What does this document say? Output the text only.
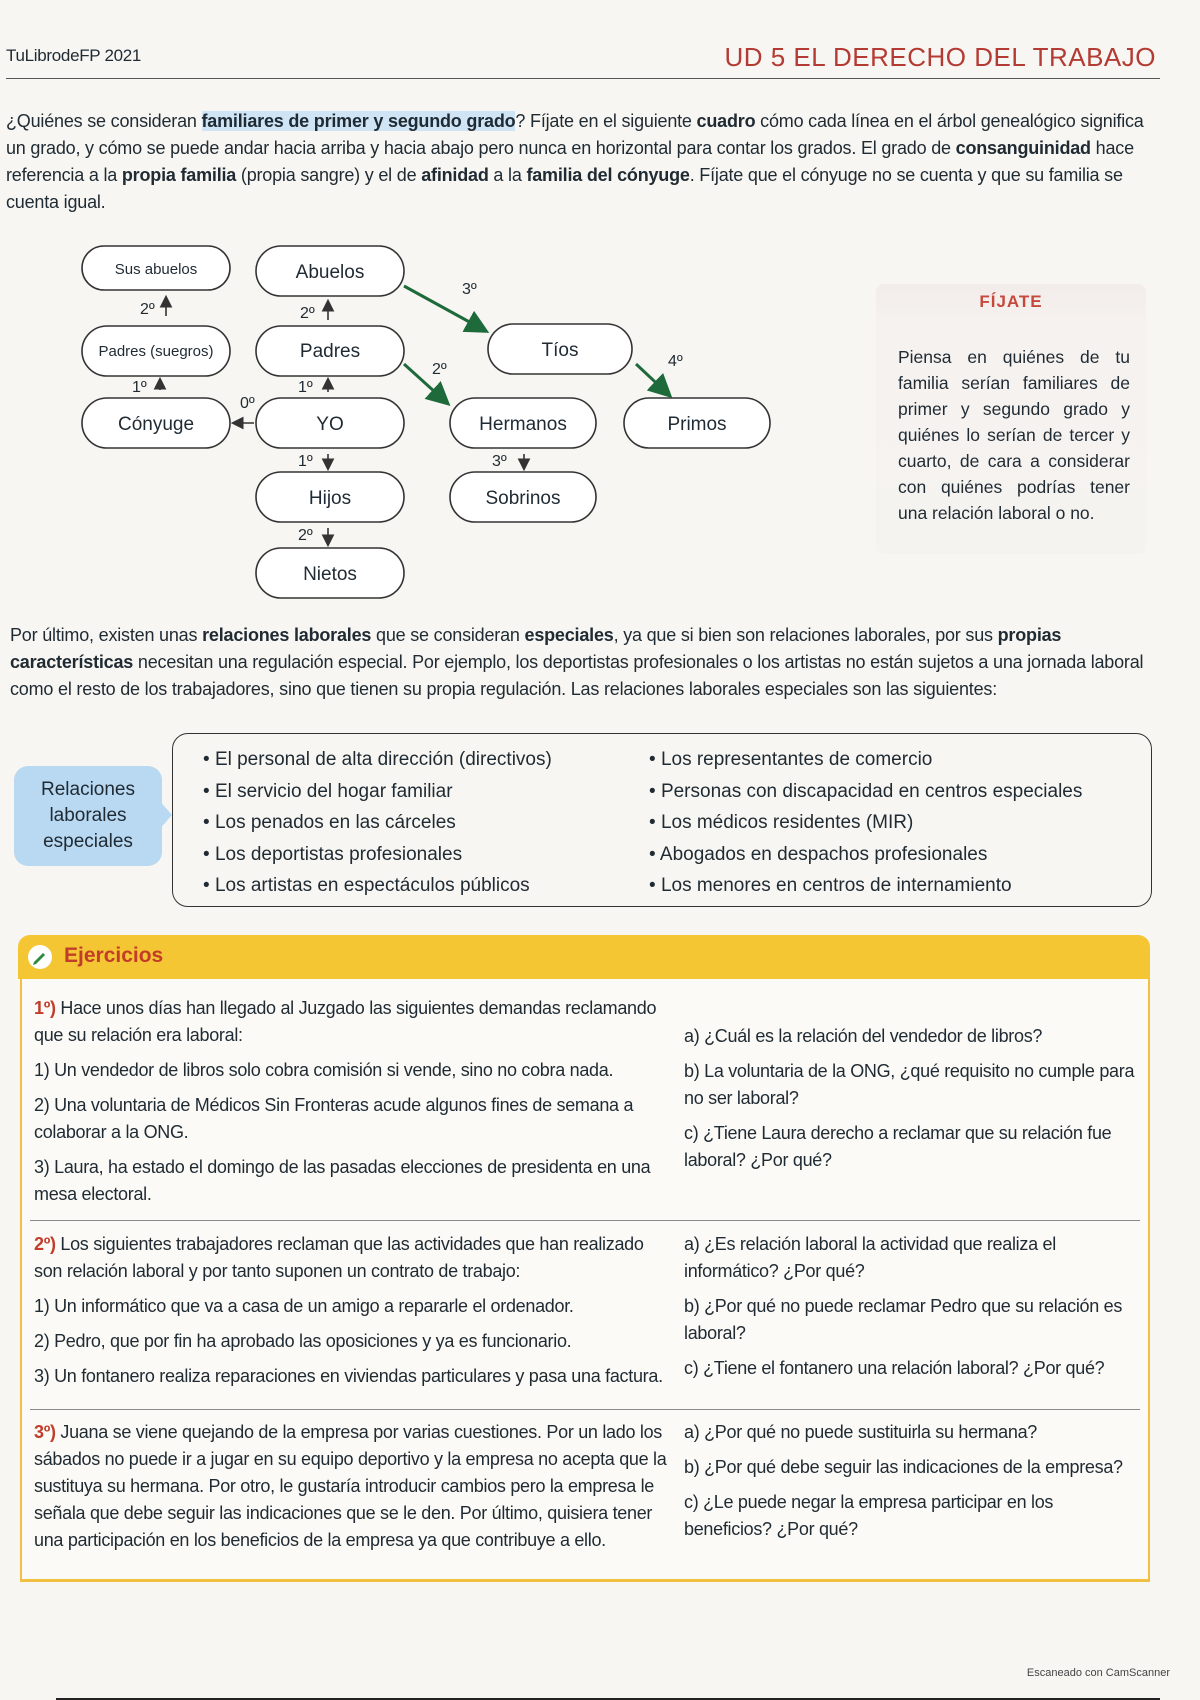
TuLibrodeFP 2021	UD 5 EL DERECHO DEL TRABAJO
¿Quiénes se consideran familiares de primer y segundo grado? Fíjate en el siguiente cuadro cómo cada línea en el árbol genealógico significa un grado, y cómo se puede andar hacia arriba y hacia abajo pero nunca en horizontal para contar los grados. El grado de consanguinidad hace referencia a la propia familia (propia sangre) y el de afinidad a la familia del cónyuge. Fíjate que el cónyuge no se cuenta y que su familia se cuenta igual.
Sus abuelos
Padres (suegros)
Cónyuge
Abuelos
Padres
YO
Hijos
Nietos
Tíos
Hermanos
Sobrinos
Primos
2º
1º
2º
1º
1º
2º
0º
3º
2º	4º
3º
FÍJATE
Piensa en quiénes de tu familia serían familiares de primer y segundo grado y quiénes lo serían de tercer y cuarto, de cara a considerar con quiénes podrías tener una relación laboral o no.
Por último, existen unas relaciones laborales que se consideran especiales, ya que si bien son relaciones laborales, por sus propias características necesitan una regulación especial. Por ejemplo, los deportistas profesionales o los artistas no están sujetos a una jornada laboral como el resto de los trabajadores, sino que tienen su propia regulación. Las relaciones laborales especiales son las siguientes:
Relaciones laborales especiales
• El personal de alta dirección (directivos)
• El servicio del hogar familiar
• Los penados en las cárceles
• Los deportistas profesionales
• Los artistas en espectáculos públicos
• Los representantes de comercio
• Personas con discapacidad en centros especiales
• Los médicos residentes (MIR)
• Abogados en despachos profesionales
• Los menores en centros de internamiento
Ejercicios

1º) Hace unos días han llegado al Juzgado las siguientes demandas reclamando que su relación era laboral:

1) Un vendedor de libros solo cobra comisión si vende, sino no cobra nada.

2) Una voluntaria de Médicos Sin Fronteras acude algunos fines de semana a colaborar a la ONG.

3) Laura, ha estado el domingo de las pasadas elecciones de presidenta en una mesa electoral.

a) ¿Cuál es la relación del vendedor de libros?

b) La voluntaria de la ONG, ¿qué requisito no cumple para no ser laboral?

c) ¿Tiene Laura derecho a reclamar que su relación fue laboral? ¿Por qué?

2º) Los siguientes trabajadores reclaman que las actividades que han realizado son relación laboral y por tanto suponen un contrato de trabajo:

1) Un informático que va a casa de un amigo a repararle el ordenador.

2) Pedro, que por fin ha aprobado las oposiciones y ya es funcionario.

3) Un fontanero realiza reparaciones en viviendas particulares y pasa una factura.

a) ¿Es relación laboral la actividad que realiza el informático? ¿Por qué?

b) ¿Por qué no puede reclamar Pedro que su relación es laboral?

c) ¿Tiene el fontanero una relación laboral? ¿Por qué?

3º) Juana se viene quejando de la empresa por varias cuestiones. Por un lado los sábados no puede ir a jugar en su equipo deportivo y la empresa no acepta que la sustituya su hermana. Por otro, le gustaría introducir cambios pero la empresa le señala que debe seguir las indicaciones que se le den. Por último, quisiera tener una participación en los beneficios de la empresa ya que contribuye a ello.

a) ¿Por qué no puede sustituirla su hermana?

b) ¿Por qué debe seguir las indicaciones de la empresa?

c) ¿Le puede negar la empresa participar en los beneficios? ¿Por qué?

Escaneado con CamScanner
